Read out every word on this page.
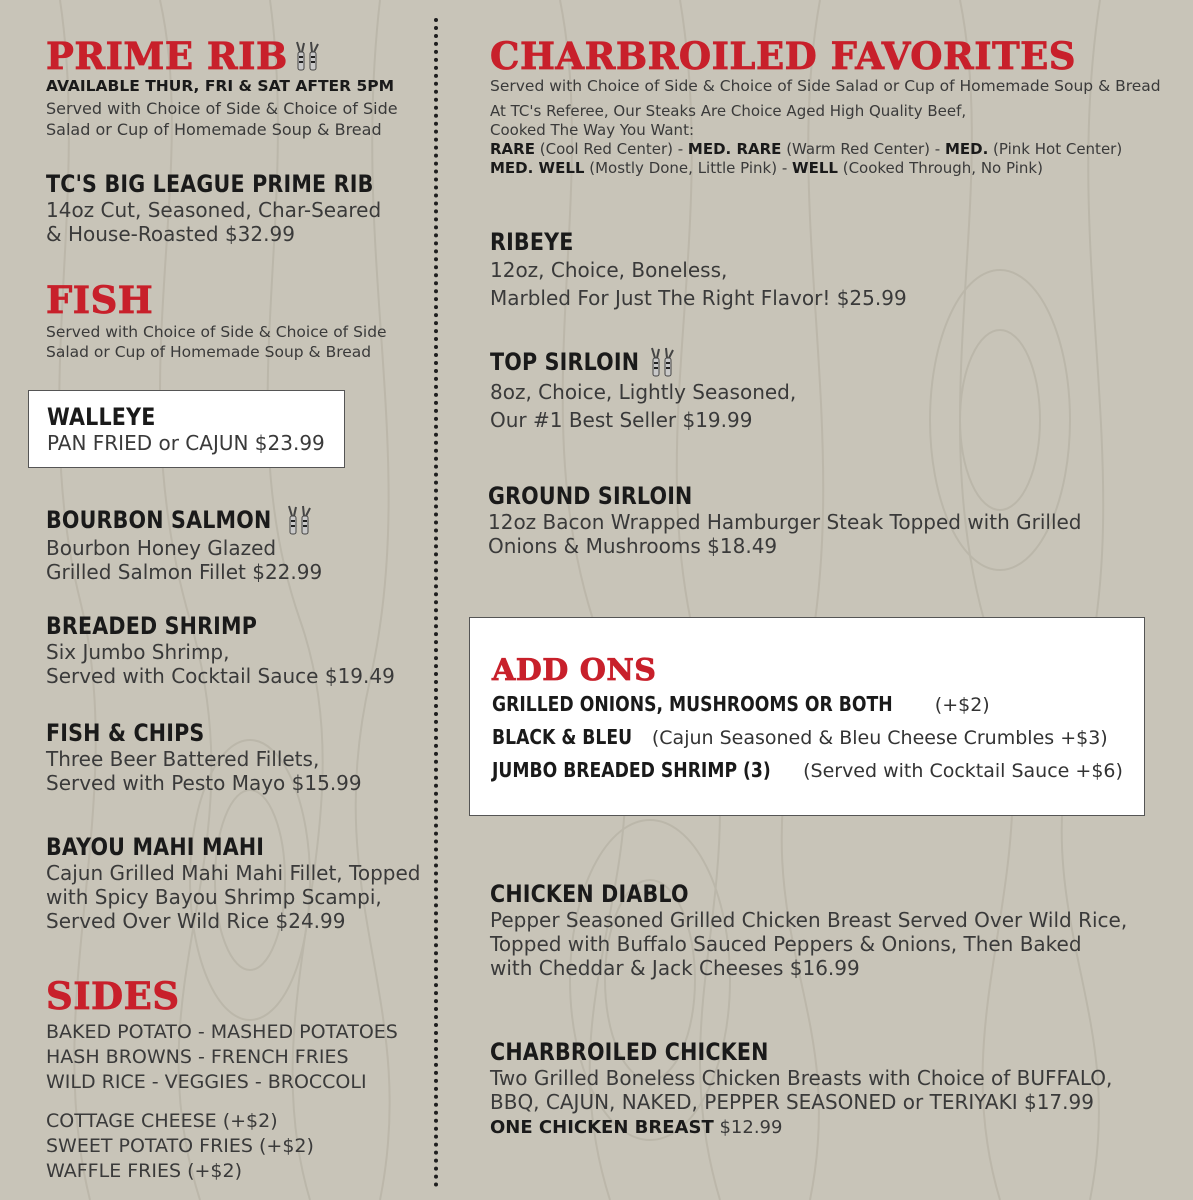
PRIME RIB
AVAILABLE THUR, FRI & SAT AFTER 5PM
Served with Choice of Side & Choice of Side
Salad or Cup of Homemade Soup & Bread
TC'S BIG LEAGUE PRIME RIB
14oz Cut, Seasoned, Char-Seared
& House-Roasted $32.99
FISH
Served with Choice of Side & Choice of Side
Salad or Cup of Homemade Soup & Bread
WALLEYE
PAN FRIED or CAJUN $23.99
BOURBON SALMON
Bourbon Honey Glazed
Grilled Salmon Fillet $22.99
BREADED SHRIMP
Six Jumbo Shrimp,
Served with Cocktail Sauce $19.49
FISH & CHIPS
Three Beer Battered Fillets,
Served with Pesto Mayo $15.99
BAYOU MAHI MAHI
Cajun Grilled Mahi Mahi Fillet, Topped
with Spicy Bayou Shrimp Scampi,
Served Over Wild Rice $24.99
SIDES
BAKED POTATO - MASHED POTATOES
HASH BROWNS - FRENCH FRIES
WILD RICE - VEGGIES - BROCCOLI
COTTAGE CHEESE (+$2)
SWEET POTATO FRIES (+$2)
WAFFLE FRIES (+$2)
CHARBROILED FAVORITES
Served with Choice of Side & Choice of Side Salad or Cup of Homemade Soup & Bread
At TC's Referee, Our Steaks Are Choice Aged High Quality Beef,
Cooked The Way You Want:
RARE (Cool Red Center) - MED. RARE (Warm Red Center) - MED. (Pink Hot Center)
MED. WELL (Mostly Done, Little Pink) - WELL (Cooked Through, No Pink)
RIBEYE
12oz, Choice, Boneless,
Marbled For Just The Right Flavor! $25.99
TOP SIRLOIN
8oz, Choice, Lightly Seasoned,
Our #1 Best Seller $19.99
GROUND SIRLOIN
12oz Bacon Wrapped Hamburger Steak Topped with Grilled
Onions & Mushrooms $18.49
ADD ONS
GRILLED ONIONS, MUSHROOMS OR BOTH (+$2)
BLACK & BLEU (Cajun Seasoned & Bleu Cheese Crumbles +$3)
JUMBO BREADED SHRIMP (3) (Served with Cocktail Sauce +$6)
CHICKEN DIABLO
Pepper Seasoned Grilled Chicken Breast Served Over Wild Rice,
Topped with Buffalo Sauced Peppers & Onions, Then Baked
with Cheddar & Jack Cheeses $16.99
CHARBROILED CHICKEN
Two Grilled Boneless Chicken Breasts with Choice of BUFFALO,
BBQ, CAJUN, NAKED, PEPPER SEASONED or TERIYAKI $17.99
ONE CHICKEN BREAST $12.99
